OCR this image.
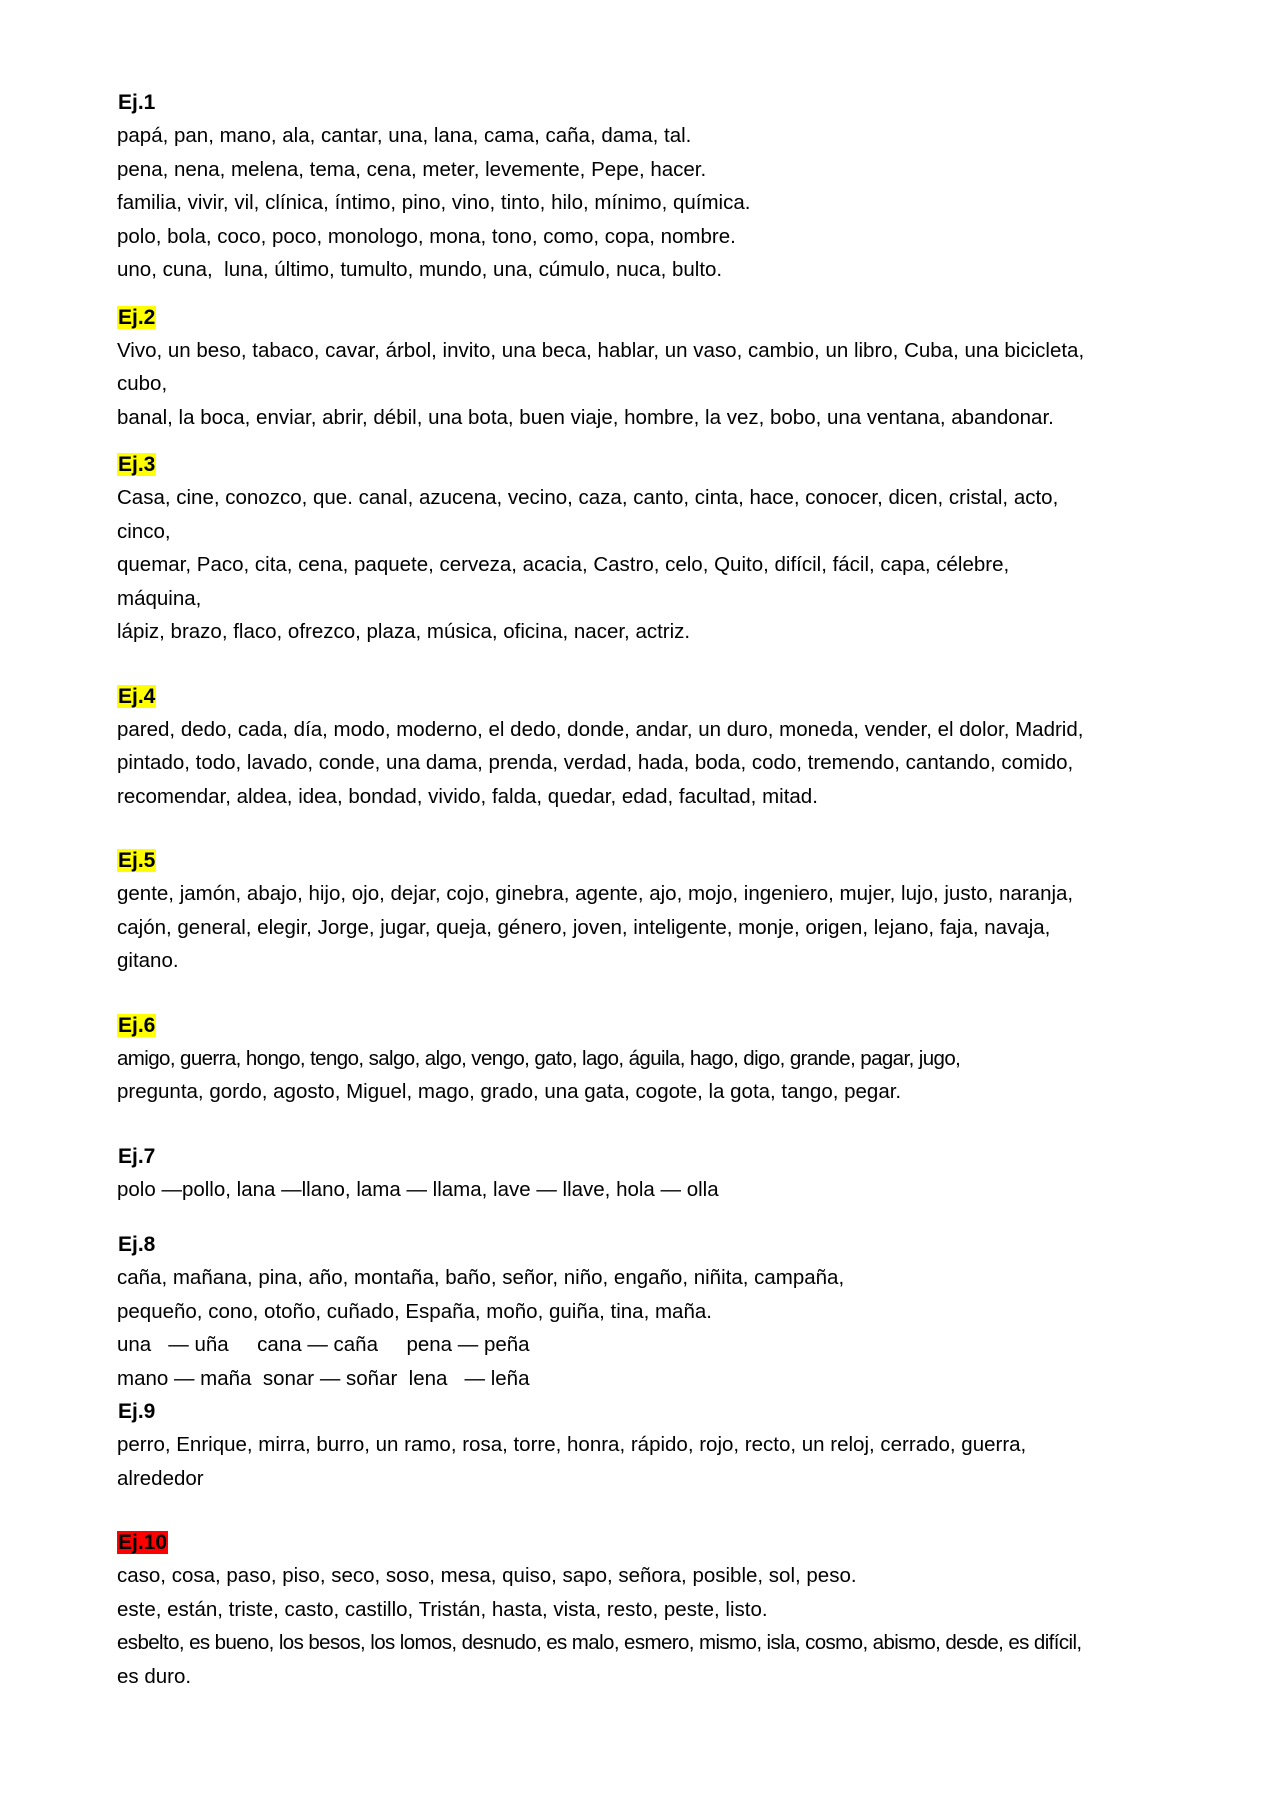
Ej.1
papá, pan, mano, ala, cantar, una, lana, cama, caña, dama, tal.
pena, nena, melena, tema, cena, meter, levemente, Pepe, hacer.
familia, vivir, vil, clínica, íntimo, pino, vino, tinto, hilo, mínimo, química.
polo, bola, coco, poco, monologo, mona, tono, como, copa, nombre.
uno, cuna,  luna, último, tumulto, mundo, una, cúmulo, nuca, bulto.
Ej.2
Vivo, un beso, tabaco, cavar, árbol, invito, una beca, hablar, un vaso, cambio, un libro, Cuba, una bicicleta,
cubo,
banal, la boca, enviar, abrir, débil, una bota, buen viaje, hombre, la vez, bobo, una ventana, abandonar.
Ej.3
Casa, cine, conozco, que. canal, azucena, vecino, caza, canto, cinta, hace, conocer, dicen, cristal, acto,
cinco,
quemar, Paco, cita, cena, paquete, cerveza, acacia, Castro, celo, Quito, difícil, fácil, capa, célebre,
máquina,
lápiz, brazo, flaco, ofrezco, plaza, música, oficina, nacer, actriz.
Ej.4
pared, dedo, cada, día, modo, moderno, el dedo, donde, andar, un duro, moneda, vender, el dolor, Madrid,
pintado, todo, lavado, conde, una dama, prenda, verdad, hada, boda, codo, tremendo, cantando, comido,
recomendar, aldea, idea, bondad, vivido, falda, quedar, edad, facultad, mitad.
Ej.5
gente, jamón, abajo, hijo, ojo, dejar, cojo, ginebra, agente, ajo, mojo, ingeniero, mujer, lujo, justo, naranja,
cajón, general, elegir, Jorge, jugar, queja, género, joven, inteligente, monje, origen, lejano, faja, navaja,
gitano.
Ej.6
amigo, guerra, hongo, tengo, salgo, algo, vengo, gato, lago, águila, hago, digo, grande, pagar, jugo,
pregunta, gordo, agosto, Miguel, mago, grado, una gata, cogote, la gota, tango, pegar.
Ej.7
polo —pollo, lana —llano, lama — llama, lave — llave, hola — olla
Ej.8
caña, mañana, pina, año, montaña, baño, señor, niño, engaño, niñita, campaña,
pequeño, cono, otoño, cuñado, España, moño, guiña, tina, maña.
una   — uña     cana — caña     pena — peña
mano — maña  sonar — soñar  lena   — leña
Ej.9
perro, Enrique, mirra, burro, un ramo, rosa, torre, honra, rápido, rojo, recto, un reloj, cerrado, guerra,
alrededor
Ej.10
caso, cosa, paso, piso, seco, soso, mesa, quiso, sapo, señora, posible, sol, peso.
este, están, triste, casto, castillo, Tristán, hasta, vista, resto, peste, listo.
esbelto, es bueno, los besos, los lomos, desnudo, es malo, esmero, mismo, isla, cosmo, abismo, desde, es difícil,
es duro.
